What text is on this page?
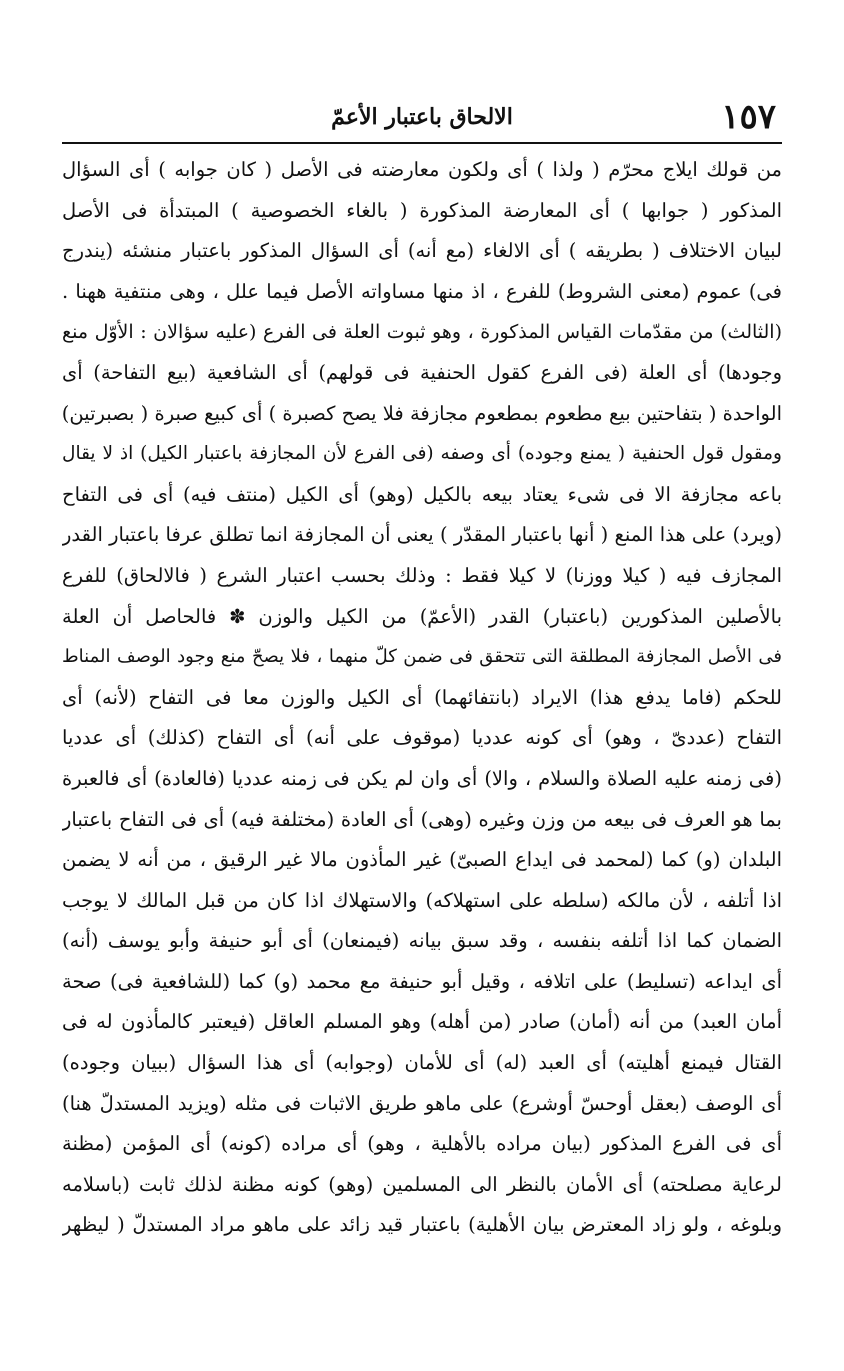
١٥٧
الالحاق باعتبار الأعمّ
من قولك ايلاج محرّم ( ولذا ) أى ولكون معارضته فى الأصل ( كان جوابه ) أى السؤال
المذكور ( جوابها ) أى المعارضة المذكورة ( بالغاء الخصوصية ) المبتدأة فى الأصل
لبيان الاختلاف ( بطريقه ) أى الالغاء (مع أنه) أى السؤال المذكور باعتبار منشئه (يندرج
فى) عموم (معنى الشروط) للفرع ، اذ منها مساواته الأصل فيما علل ، وهى منتفية ههنا .
(الثالث) من مقدّمات القياس المذكورة ، وهو ثبوت العلة فى الفرع (عليه سؤالان : الأوّل منع
وجودها) أى العلة (فى الفرع كقول الحنفية فى قولهم) أى الشافعية (بيع التفاحة) أى
الواحدة ( بتفاحتين بيع مطعوم بمطعوم مجازفة فلا يصح كصبرة ) أى كبيع صبرة ( بصبرتين)
ومقول قول الحنفية ( يمنع وجوده) أى وصفه (فى الفرع لأن المجازفة باعتبار الكيل) اذ لا يقال
باعه مجازفة الا فى شىء يعتاد بيعه بالكيل (وهو) أى الكيل (منتف فيه) أى فى التفاح
(ويرد) على هذا المنع ( أنها باعتبار المقدّر ) يعنى أن المجازفة انما تطلق عرفا باعتبار القدر
المجازف فيه ( كيلا ووزنا) لا كيلا فقط : وذلك بحسب اعتبار الشرع ( فالالحاق) للفرع
بالأصلين المذكورين (باعتبار) القدر (الأعمّ) من الكيل والوزن ✽ فالحاصل أن العلة
فى الأصل المجازفة المطلقة التى تتحقق فى ضمن كلّ منهما ، فلا يصحّ منع وجود الوصف المناط
للحكم (فاما يدفع هذا) الايراد (بانتفائهما) أى الكيل والوزن معا فى التفاح (لأنه) أى
التفاح (عددىّ ، وهو) أى كونه عدديا (موقوف على أنه) أى التفاح (كذلك) أى عدديا
(فى زمنه عليه الصلاة والسلام ، والا) أى وان لم يكن فى زمنه عدديا (فالعادة) أى فالعبرة
بما هو العرف فى بيعه من وزن وغيره (وهى) أى العادة (مختلفة فيه) أى فى التفاح باعتبار
البلدان (و) كما (لمحمد فى ايداع الصبىّ) غير المأذون مالا غير الرقيق ، من أنه لا يضمن
اذا أتلفه ، لأن مالكه (سلطه على استهلاكه) والاستهلاك اذا كان من قبل المالك لا يوجب
الضمان كما اذا أتلفه بنفسه ، وقد سبق بيانه (فيمنعان) أى أبو حنيفة وأبو يوسف (أنه)
أى ايداعه (تسليط) على اتلافه ، وقيل أبو حنيفة مع محمد (و) كما (للشافعية فى) صحة
أمان العبد) من أنه (أمان) صادر (من أهله) وهو المسلم العاقل (فيعتبر كالمأذون له فى
القتال فيمنع أهليته) أى العبد (له) أى للأمان (وجوابه) أى هذا السؤال (ببيان وجوده)
أى الوصف (بعقل أوحسّ أوشرع) على ماهو طريق الاثبات فى مثله (ويزيد المستدلّ هنا)
أى فى الفرع المذكور (بيان مراده بالأهلية ، وهو) أى مراده (كونه) أى المؤمن (مظنة
لرعاية مصلحته) أى الأمان بالنظر الى المسلمين (وهو) كونه مظنة لذلك ثابت (باسلامه
وبلوغه ، ولو زاد المعترض بيان الأهلية) باعتبار قيد زائد على ماهو مراد المستدلّ ( ليظهر
